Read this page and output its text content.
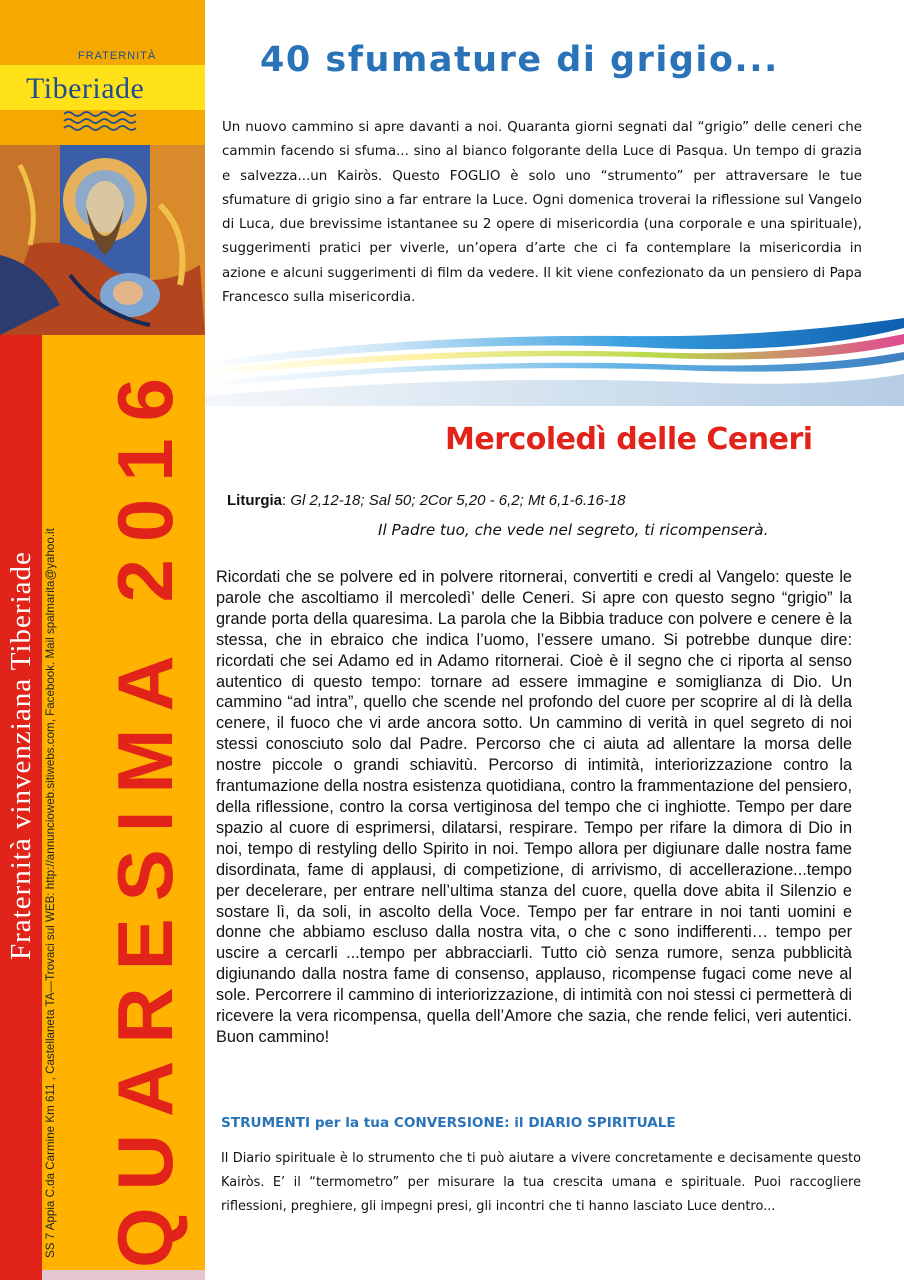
FRATERNITÀ
Tiberiade
Fraternità vinvenziana Tiberiade SS 7 Appia C.da Carmine Km 611 , Castellaneta TA—Trovaci sul WEB: http://annuncioweb.sitiwebs.com, Facebook. Mail spalmarita@yahoo.it QUARESIMA 2016
40 sfumature di grigio...
Un nuovo cammino si apre davanti a noi. Quaranta giorni segnati dal “grigio” delle ceneri che cammin facendo si sfuma... sino al bianco folgorante della Luce di Pasqua. Un tempo di grazia e salvezza...un Kairòs. Questo FOGLIO è solo uno “strumento” per attraversare le tue sfumature di grigio sino a far entrare la Luce. Ogni domenica troverai la riflessione sul Vangelo di Luca, due brevissime istantanee su 2 opere di misericordia (una corporale e una spirituale), suggerimenti pratici per viverle, un’opera d’arte che ci fa contemplare la misericordia in azione e alcuni suggerimenti di film da vedere. Il kit viene confezionato da un pensiero di Papa Francesco sulla misericordia.
Mercoledì delle Ceneri
Liturgia: Gl 2,12-18; Sal 50; 2Cor 5,20 - 6,2; Mt 6,1-6.16-18
Il Padre tuo, che vede nel segreto, ti ricompenserà.
Ricordati che se polvere ed in polvere ritornerai, convertiti e credi al Vangelo: queste le parole che ascoltiamo il mercoledì’ delle Ceneri. Si apre con questo segno “grigio” la grande porta della quaresima. La parola che la Bibbia traduce con polvere e cenere è la stessa, che in ebraico che indica l’uomo, l’essere umano. Si potrebbe dunque dire: ricordati che sei Adamo ed in Adamo ritornerai. Cioè è il segno che ci riporta al senso autentico di questo tempo: tornare ad essere immagine e somiglianza di Dio. Un cammino “ad intra”, quello che scende nel profondo del cuore per scoprire al di là della cenere, il fuoco che vi arde ancora sotto. Un cammino di verità in quel segreto di noi stessi conosciuto solo dal Padre. Percorso che ci aiuta ad allentare la morsa delle nostre piccole o grandi schiavitù. Percorso di intimità, interiorizzazione contro la frantumazione della nostra esistenza quotidiana, contro la frammentazione del pensiero, della riflessione, contro la corsa vertiginosa del tempo che ci inghiotte. Tempo per dare spazio al cuore di esprimersi, dilatarsi, respirare. Tempo per rifare la dimora di Dio in noi, tempo di restyling dello Spirito in noi. Tempo allora per digiunare dalle nostra fame disordinata, fame di applausi, di competizione, di arrivismo, di accellerazione...tempo per decelerare, per entrare nell’ultima stanza del cuore, quella dove abita il Silenzio e sostare lì, da soli, in ascolto della Voce. Tempo per far entrare in noi tanti uomini e donne che abbiamo escluso dalla nostra vita, o che c sono indifferenti… tempo per uscire a cercarli ...tempo per abbracciarli. Tutto ciò senza rumore, senza pubblicità digiunando dalla nostra fame di consenso, applauso, ricompense fugaci come neve al sole. Percorrere il cammino di interiorizzazione, di intimità con noi stessi ci permetterà di ricevere la vera ricompensa, quella dell’Amore che sazia, che rende felici, veri autentici. Buon cammino!
STRUMENTI per la tua CONVERSIONE: il DIARIO SPIRITUALE
Il Diario spirituale è lo strumento che ti può aiutare a vivere concretamente e decisamente questo Kairòs. E’ il “termometro” per misurare la tua crescita umana e spirituale. Puoi raccogliere riflessioni, preghiere, gli impegni presi, gli incontri che ti hanno lasciato Luce dentro...
